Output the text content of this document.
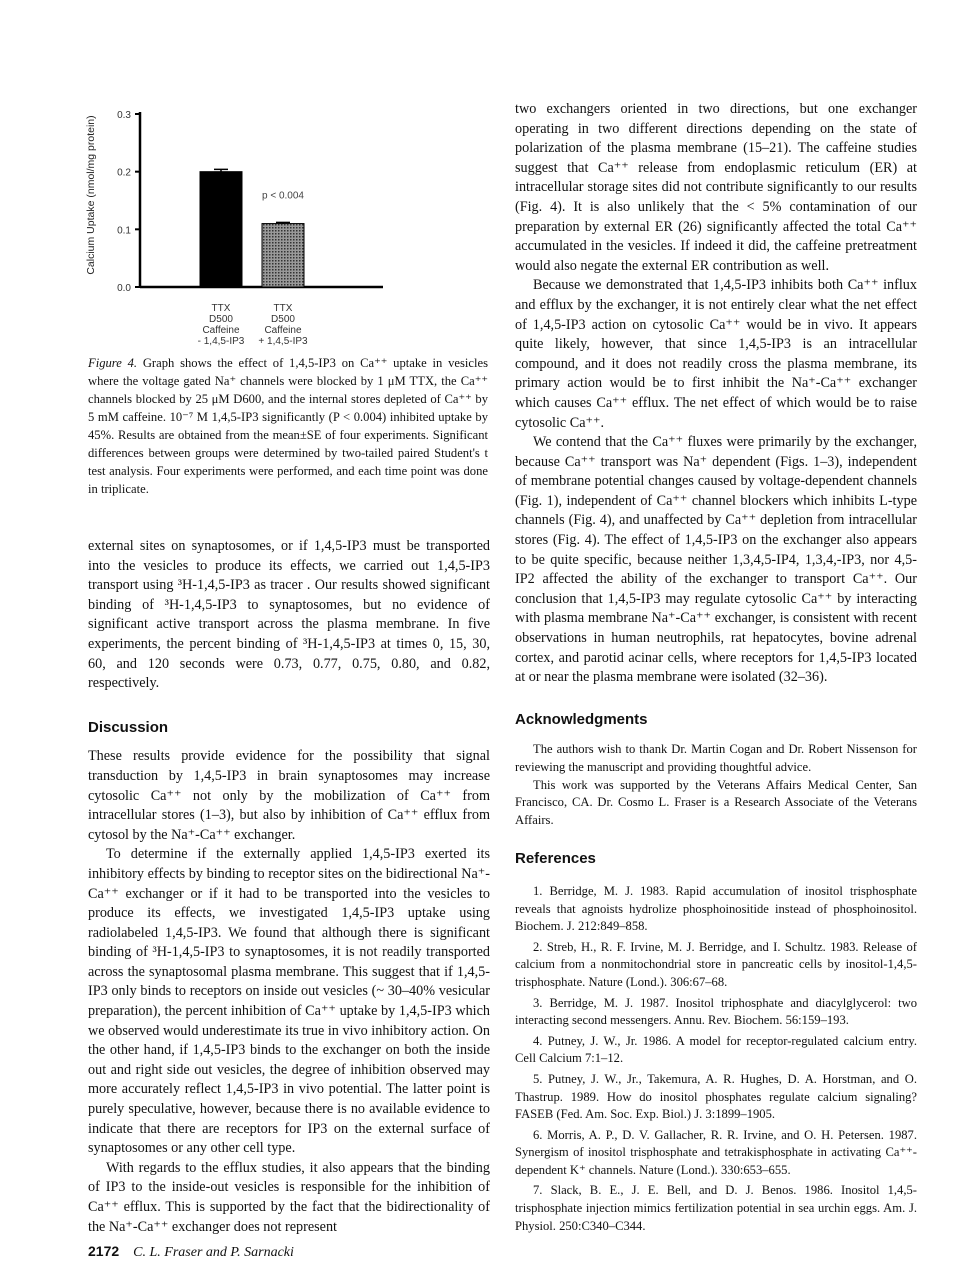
Calcium Uptake (nmol/mg protein)
0.0
0.1
0.2
0.3
TTX
D500
Caffeine
- 1,4,5-IP3
TTX
D500
Caffeine
+ 1,4,5-IP3
p < 0.004
Figure 4. Graph shows the effect of 1,4,5-IP3 on Ca⁺⁺ uptake in vesicles where the voltage gated Na⁺ channels were blocked by 1 μM TTX, the Ca⁺⁺ channels blocked by 25 μM D600, and the internal stores depleted of Ca⁺⁺ by 5 mM caffeine. 10⁻⁷ M 1,4,5-IP3 significantly (P < 0.004) inhibited uptake by 45%. Results are obtained from the mean±SE of four experiments. Significant differences between groups were determined by two-tailed paired Student's t test analysis. Four experiments were performed, and each time point was done in triplicate.

external sites on synaptosomes, or if 1,4,5-IP3 must be transported into the vesicles to produce its effects, we carried out 1,4,5-IP3 transport using ³H-1,4,5-IP3 as tracer . Our results showed significant binding of ³H-1,4,5-IP3 to synaptosomes, but no evidence of significant active transport across the plasma membrane. In five experiments, the percent binding of ³H-1,4,5-IP3 at times 0, 15, 30, 60, and 120 seconds were 0.73, 0.77, 0.75, 0.80, and 0.82, respectively.

Discussion

These results provide evidence for the possibility that signal transduction by 1,4,5-IP3 in brain synaptosomes may increase cytosolic Ca⁺⁺ not only by the mobilization of Ca⁺⁺ from intracellular stores (1–3), but also by inhibition of Ca⁺⁺ efflux from cytosol by the Na⁺-Ca⁺⁺ exchanger.

To determine if the externally applied 1,4,5-IP3 exerted its inhibitory effects by binding to receptor sites on the bidirectional Na⁺-Ca⁺⁺ exchanger or if it had to be transported into the vesicles to produce its effects, we investigated 1,4,5-IP3 uptake using radiolabeled 1,4,5-IP3. We found that although there is significant binding of ³H-1,4,5-IP3 to synaptosomes, it is not readily transported across the synaptosomal plasma membrane. This suggest that if 1,4,5-IP3 only binds to receptors on inside out vesicles (~ 30–40% vesicular preparation), the percent inhibition of Ca⁺⁺ uptake by 1,4,5-IP3 which we observed would underestimate its true in vivo inhibitory action. On the other hand, if 1,4,5-IP3 binds to the exchanger on both the inside out and right side out vesicles, the degree of inhibition observed may more accurately reflect 1,4,5-IP3 in vivo potential. The latter point is purely speculative, however, because there is no available evidence to indicate that there are receptors for IP3 on the external surface of synaptosomes or any other cell type.

With regards to the efflux studies, it also appears that the binding of IP3 to the inside-out vesicles is responsible for the inhibition of Ca⁺⁺ efflux. This is supported by the fact that the bidirectionality of the Na⁺-Ca⁺⁺ exchanger does not represent

two exchangers oriented in two directions, but one exchanger operating in two different directions depending on the state of polarization of the plasma membrane (15–21). The caffeine studies suggest that Ca⁺⁺ release from endoplasmic reticulum (ER) at intracellular storage sites did not contribute significantly to our results (Fig. 4). It is also unlikely that the < 5% contamination of our preparation by external ER (26) significantly affected the total Ca⁺⁺ accumulated in the vesicles. If indeed it did, the caffeine pretreatment would also negate the external ER contribution as well.

Because we demonstrated that 1,4,5-IP3 inhibits both Ca⁺⁺ influx and efflux by the exchanger, it is not entirely clear what the net effect of 1,4,5-IP3 action on cytosolic Ca⁺⁺ would be in vivo. It appears quite likely, however, that since 1,4,5-IP3 is an intracellular compound, and it does not readily cross the plasma membrane, its primary action would be to first inhibit the Na⁺-Ca⁺⁺ exchanger which causes Ca⁺⁺ efflux. The net effect of which would be to raise cytosolic Ca⁺⁺.

We contend that the Ca⁺⁺ fluxes were primarily by the exchanger, because Ca⁺⁺ transport was Na⁺ dependent (Figs. 1–3), independent of membrane potential changes caused by voltage-dependent channels (Fig. 1), independent of Ca⁺⁺ channel blockers which inhibits L-type channels (Fig. 4), and unaffected by Ca⁺⁺ depletion from intracellular stores (Fig. 4). The effect of 1,4,5-IP3 on the exchanger also appears to be quite specific, because neither 1,3,4,5-IP4, 1,3,4,-IP3, nor 4,5-IP2 affected the ability of the exchanger to transport Ca⁺⁺. Our conclusion that 1,4,5-IP3 may regulate cytosolic Ca⁺⁺ by interacting with plasma membrane Na⁺-Ca⁺⁺ exchanger, is consistent with recent observations in human neutrophils, rat hepatocytes, bovine adrenal cortex, and parotid acinar cells, where receptors for 1,4,5-IP3 located at or near the plasma membrane were isolated (32–36).

Acknowledgments

The authors wish to thank Dr. Martin Cogan and Dr. Robert Nissenson for reviewing the manuscript and providing thoughtful advice.

This work was supported by the Veterans Affairs Medical Center, San Francisco, CA. Dr. Cosmo L. Fraser is a Research Associate of the Veterans Affairs.

References

1. Berridge, M. J. 1983. Rapid accumulation of inositol trisphosphate reveals that agnoists hydrolize phosphoinositide instead of phosphoinositol. Biochem. J. 212:849–858.

2. Streb, H., R. F. Irvine, M. J. Berridge, and I. Schultz. 1983. Release of calcium from a nonmitochondrial store in pancreatic cells by inositol-1,4,5-trisphosphate. Nature (Lond.). 306:67–68.

3. Berridge, M. J. 1987. Inositol triphosphate and diacylglycerol: two interacting second messengers. Annu. Rev. Biochem. 56:159–193.

4. Putney, J. W., Jr. 1986. A model for receptor-regulated calcium entry. Cell Calcium 7:1–12.

5. Putney, J. W., Jr., Takemura, A. R. Hughes, D. A. Horstman, and O. Thastrup. 1989. How do inositol phosphates regulate calcium signaling? FASEB (Fed. Am. Soc. Exp. Biol.) J. 3:1899–1905.

6. Morris, A. P., D. V. Gallacher, R. R. Irvine, and O. H. Petersen. 1987. Synergism of inositol trisphosphate and tetrakisphosphate in activating Ca⁺⁺-dependent K⁺ channels. Nature (Lond.). 330:653–655.

7. Slack, B. E., J. E. Bell, and D. J. Benos. 1986. Inositol 1,4,5-trisphosphate injection mimics fertilization potential in sea urchin eggs. Am. J. Physiol. 250:C340–C344.

2172 C. L. Fraser and P. Sarnacki
